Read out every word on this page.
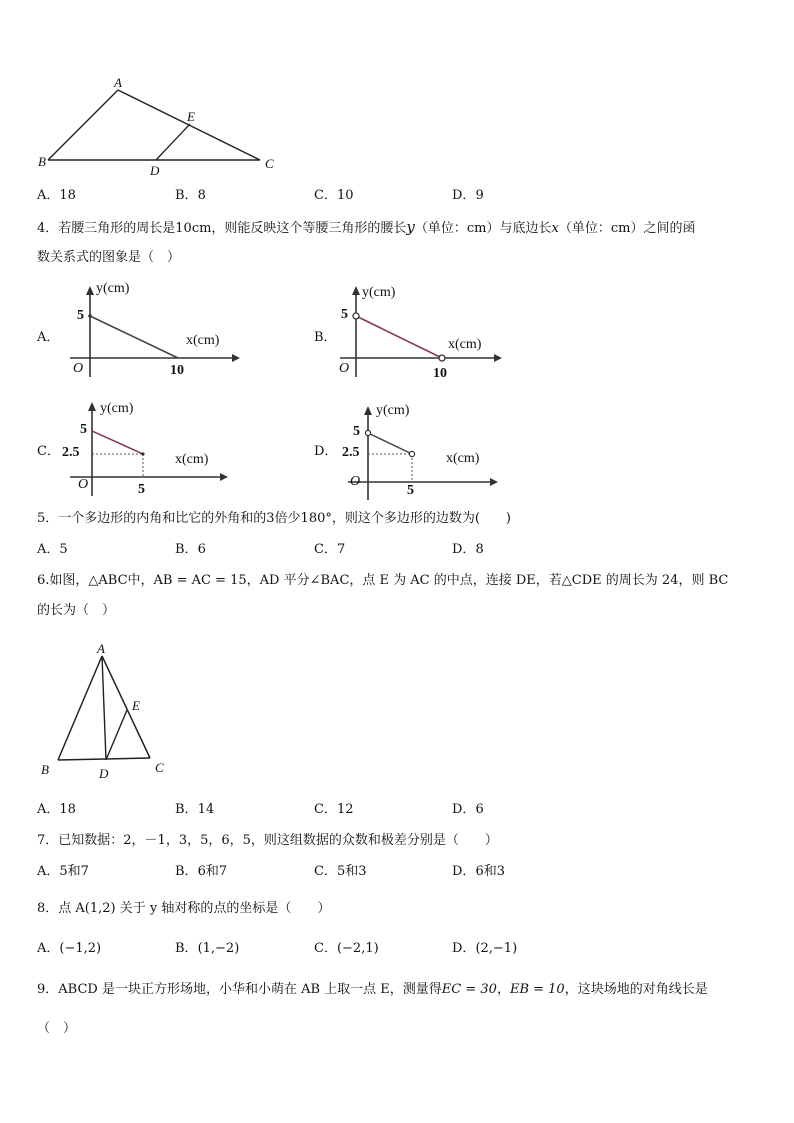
A
E
B
D	C
A．18	B．8	C．10	D．9
4．若腰三角形的周长是10cm，则能反映这个等腰三角形的腰长y（单位：cm）与底边长x（单位：cm）之间的函
数关系式的图象是（　）
A．
y(cm)
x(cm)
O
5
10
B．
y(cm)
x(cm)
O
5
10
C．
y(cm)
x(cm)
O
5
2.5
5
D．
y(cm)
x(cm)
O
5
2.5
5
5．一个多边形的内角和比它的外角和的3倍少180°，则这个多边形的边数为(　　)
A．5	B．6	C．7	D．8
6.如图，△ABC中，AB = AC = 15，AD 平分∠BAC，点 E 为 AC 的中点，连接 DE，若△CDE 的周长为 24，则 BC
的长为（　）
A
E
B	D	C
A．18	B．14	C．12	D．6
7．已知数据：2，－1，3，5，6，5，则这组数据的众数和极差分别是（　　）
A．5和7	B．6和7	C．5和3	D．6和3
8．点 A(1,2) 关于 y 轴对称的点的坐标是（　　）
A．(−1,2)	B．(1,−2)	C．(−2,1)	D．(2,−1)
9．ABCD 是一块正方形场地，小华和小萌在 AB 上取一点 E，测量得EC = 30，EB = 10，这块场地的对角线长是
（　）
